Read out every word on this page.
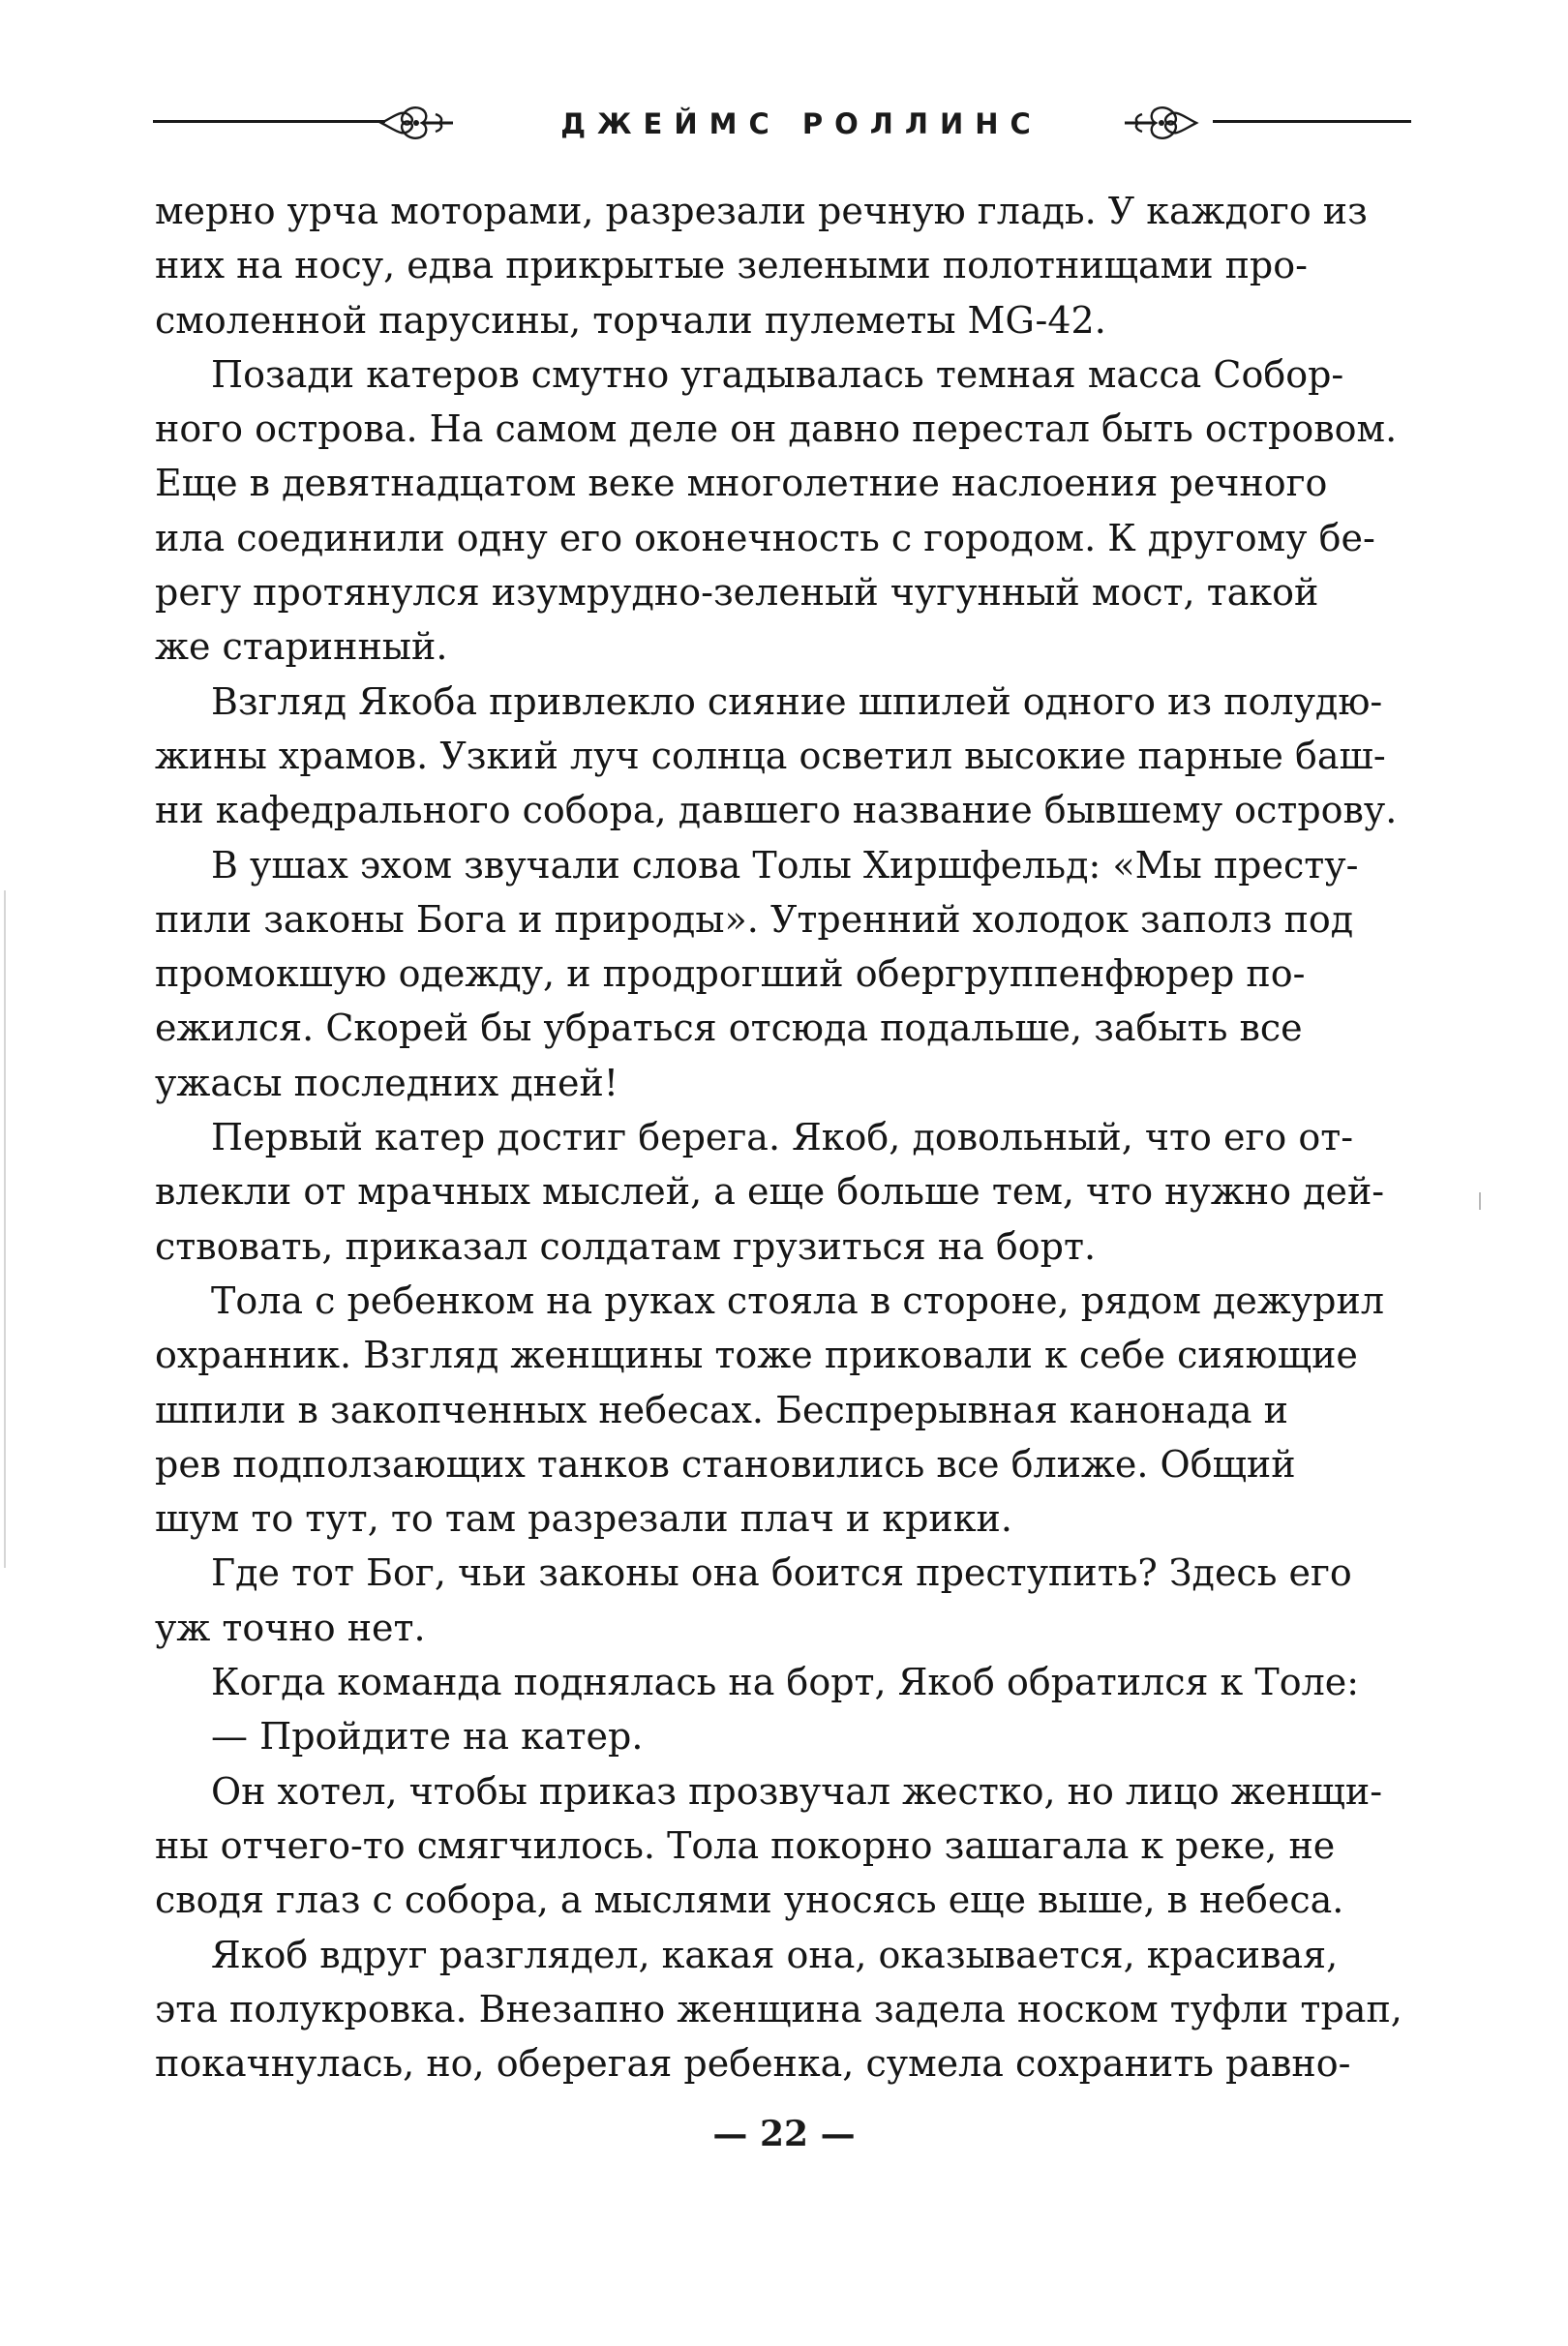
ДЖЕЙМС РОЛЛИНС

мерно урча моторами, разрезали речную гладь. У каждого из
них на носу, едва прикрытые зелеными полотнищами про-
смоленной парусины, торчали пулеметы MG-42.

Позади катеров смутно угадывалась темная масса Собор-
ного острова. На самом деле он давно перестал быть островом.
Еще в девятнадцатом веке многолетние наслоения речного
ила соединили одну его оконечность с городом. К другому бе-
регу протянулся изумрудно-зеленый чугунный мост, такой
же старинный.

Взгляд Якоба привлекло сияние шпилей одного из полудю-
жины храмов. Узкий луч солнца осветил высокие парные баш-
ни кафедрального собора, давшего название бывшему острову.

В ушах эхом звучали слова Толы Хиршфельд: «Мы престу-
пили законы Бога и природы». Утренний холодок заполз под
промокшую одежду, и продрогший обергруппенфюрер по-
ежился. Скорей бы убраться отсюда подальше, забыть все
ужасы последних дней!

Первый катер достиг берега. Якоб, довольный, что его от-
влекли от мрачных мыслей, а еще больше тем, что нужно дей-
ствовать, приказал солдатам грузиться на борт.

Тола с ребенком на руках стояла в стороне, рядом дежурил
охранник. Взгляд женщины тоже приковали к себе сияющие
шпили в закопченных небесах. Беспрерывная канонада и
рев подползающих танков становились все ближе. Общий
шум то тут, то там разрезали плач и крики.

Где тот Бог, чьи законы она боится преступить? Здесь его
уж точно нет.

Когда команда поднялась на борт, Якоб обратился к Толе:

— Пройдите на катер.

Он хотел, чтобы приказ прозвучал жестко, но лицо женщи-
ны отчего-то смягчилось. Тола покорно зашагала к реке, не
сводя глаз с собора, а мыслями уносясь еще выше, в небеса.

Якоб вдруг разглядел, какая она, оказывается, красивая,
эта полукровка. Внезапно женщина задела носком туфли трап,
покачнулась, но, оберегая ребенка, сумела сохранить равно-

— 22 —
